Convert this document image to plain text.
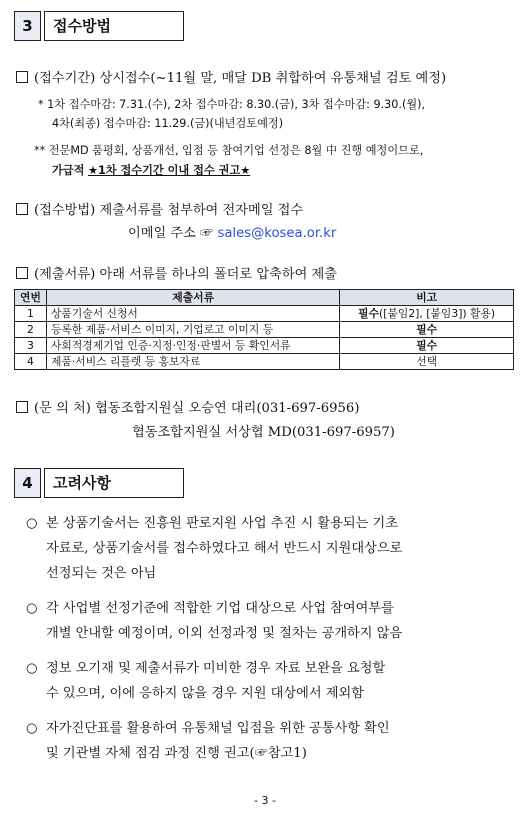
3	접수방법
(접수기간) 상시접수(~11월 말, 매달 DB 취합하여 유통채널 검토 예정)
* 1차 접수마감: 7.31.(수), 2차 접수마감: 8.30.(금), 3차 접수마감: 9.30.(월),
4차(최종) 접수마감: 11.29.(금)(내년검토예정)
** 전문MD 품평회, 상품개선, 입점 등 참여기업 선정은 8월 中 진행 예정이므로,
가급적 ★1차 접수기간 이내 접수 권고★
(접수방법) 제출서류를 첨부하여 전자메일 접수
이메일 주소 ☞ sales@kosea.or.kr
(제출서류) 아래 서류를 하나의 폴더로 압축하여 제출
연번	제출서류	비고
1	상품기술서 신청서	필수([붙임2], [붙임3]) 활용)
2	등록한 제품·서비스 이미지, 기업로고 이미지 등	필수
3	사회적경제기업 인증·지정·인정·판별서 등 확인서류	필수
4	제품·서비스 리플렛 등 홍보자료	선택
(문 의 처) 협동조합지원실 오승연 대리(031-697-6956)
협동조합지원실 서상협 MD(031-697-6957)
4	고려사항
○ 본 상품기술서는 진흥원 판로지원 사업 추진 시 활용되는 기초
자료로, 상품기술서를 접수하였다고 해서 반드시 지원대상으로
선정되는 것은 아님
○ 각 사업별 선정기준에 적합한 기업 대상으로 사업 참여여부를
개별 안내할 예정이며, 이외 선정과정 및 절차는 공개하지 않음
○ 정보 오기재 및 제출서류가 미비한 경우 자료 보완을 요청할
수 있으며, 이에 응하지 않을 경우 지원 대상에서 제외함
○ 자가진단표를 활용하여 유통채널 입점을 위한 공통사항 확인
및 기관별 자체 점검 과정 진행 권고(☞참고1)
- 3 -
